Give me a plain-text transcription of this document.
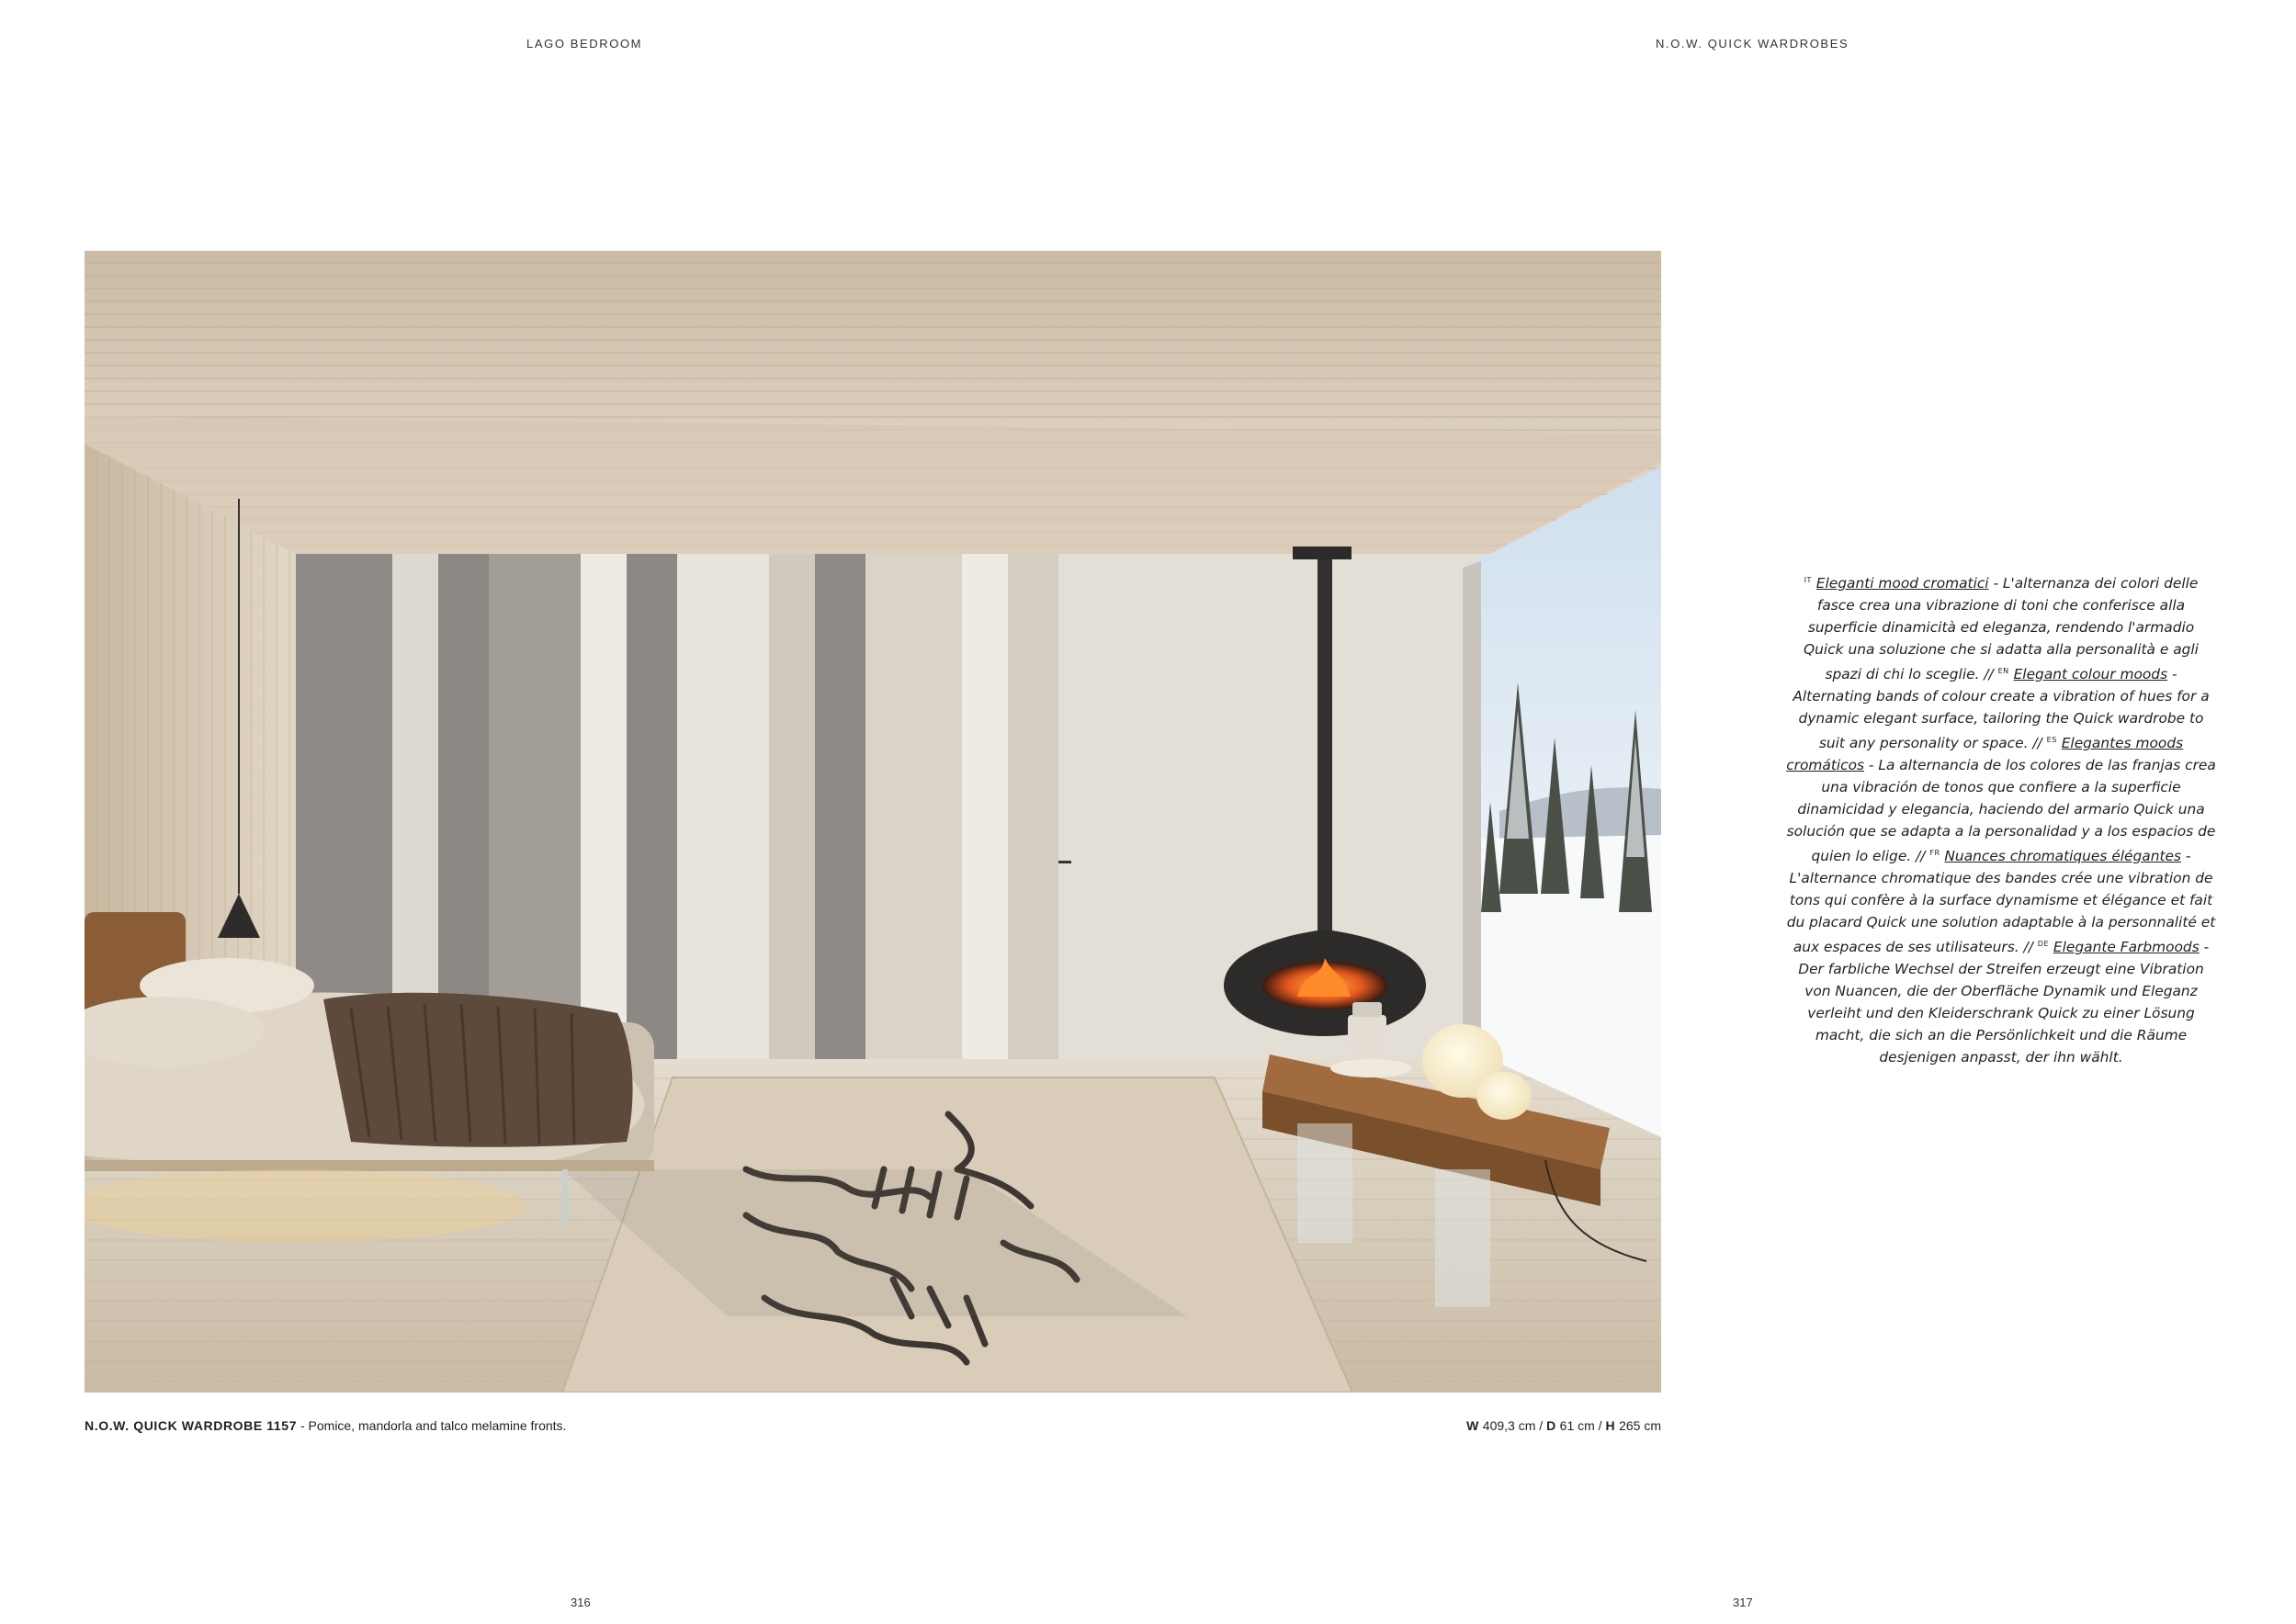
LAGO BEDROOM	N.O.W. QUICK WARDROBES
N.O.W. QUICK WARDROBE 1157 - Pomice, mandorla and talco melamine fronts.	W 409,3 cm / D 61 cm / H 265 cm
$^{IT}$ Eleganti mood cromatici - L'alternanza dei colori delle fasce crea una vibrazione di toni che conferisce alla superficie dinamicità ed eleganza, rendendo l'armadio Quick una soluzione che si adatta alla personalità e agli spazi di chi lo sceglie. // $^{EN}$ Elegant colour moods - Alternating bands of colour create a vibration of hues for a dynamic elegant surface, tailoring the Quick wardrobe to suit any personality or space. // $^{ES}$ Elegantes moods cromáticos - La alternancia de los colores de las franjas crea una vibración de tonos que confiere a la superficie dinamicidad y elegancia, haciendo del armario Quick una solución que se adapta a la personalidad y a los espacios de quien lo elige. // $^{FR}$ Nuances chromatiques élégantes - L'alternance chromatique des bandes crée une vibration de tons qui confère à la surface dynamisme et élégance et fait du placard Quick une solution adaptable à la personnalité et aux espaces de ses utilisateurs. // $^{DE}$ Elegante Farbmoods - Der farbliche Wechsel der Streifen erzeugt eine Vibration von Nuancen, die der Oberfläche Dynamik und Eleganz verleiht und den Kleiderschrank Quick zu einer Lösung macht, die sich an die Persönlichkeit und die Räume desjenigen anpasst, der ihn wählt.
316	317
